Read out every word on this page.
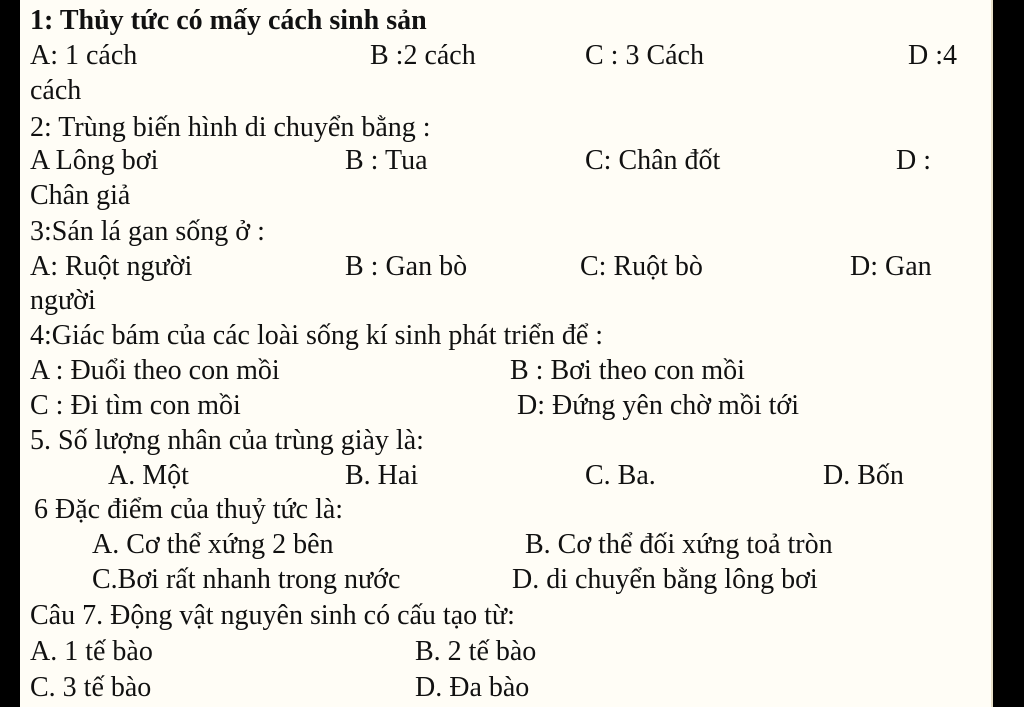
1: Thủy tức có mấy cách sinh sản
A: 1 cách	B :2 cách	C : 3 Cách	D :4
cách
2: Trùng biến hình di chuyển bằng :
A Lông bơi	B : Tua	C: Chân đốt	D :
Chân giả
3:Sán lá gan sống ở :
A: Ruột người	B : Gan bò	C: Ruột bò	D: Gan
người
4:Giác bám của các loài sống kí sinh phát triển để :
A : Đuổi theo con mồi	B : Bơi theo con mồi
C : Đi tìm con mồi	D: Đứng yên chờ mồi tới
5. Số lượng nhân của trùng giày là:
A. Một	B. Hai	C. Ba.	D. Bốn
6 Đặc điểm của thuỷ tức là:
A. Cơ thể xứng 2 bên	B. Cơ thể đối xứng toả tròn
C.Bơi rất nhanh trong nước	D. di chuyển bằng lông bơi
Câu 7. Động vật nguyên sinh có cấu tạo từ:
A. 1 tế bào	B. 2 tế bào
C. 3 tế bào	D. Đa bào
